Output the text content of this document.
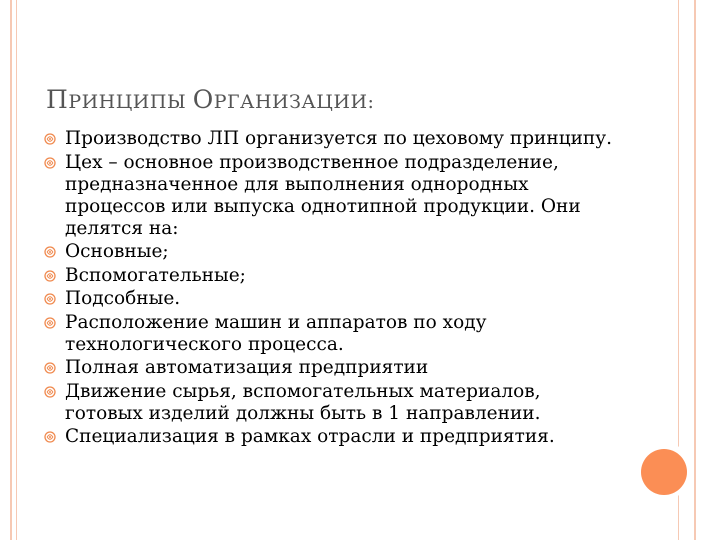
ПРИНЦИПЫ ОРГАНИЗАЦИИ:
Производство ЛП организуется по цеховому принципу.
Цех – основное производственное подразделение, предназначенное для выполнения однородных процессов или выпуска однотипной продукции. Они делятся на:
Основные;
Вспомогательные;
Подсобные.
Расположение машин и аппаратов по ходу технологического процесса.
Полная автоматизация предприятии
Движение сырья, вспомогательных материалов, готовых изделий должны быть в 1 направлении.
Специализация в рамках отрасли и предприятия.
